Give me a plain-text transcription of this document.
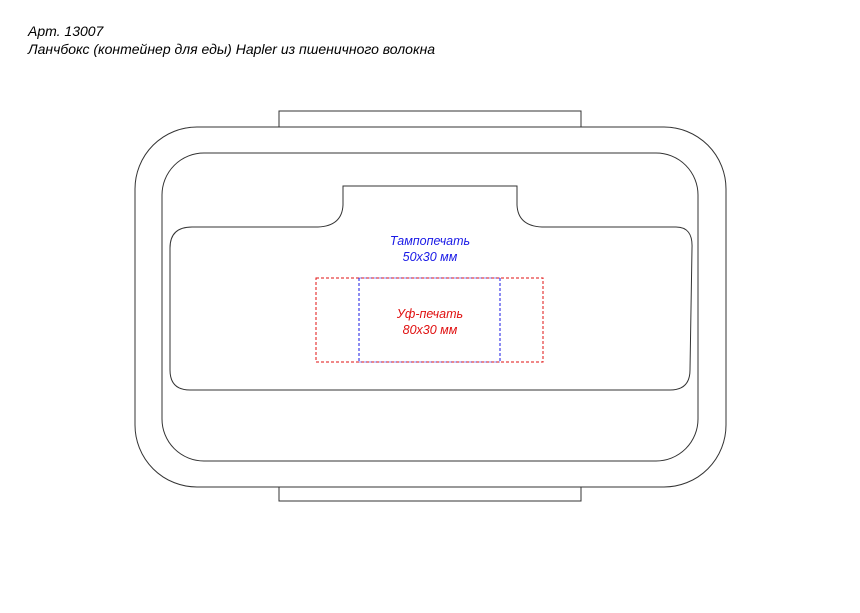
Арт. 13007
Ланчбокс (контейнер для еды) Hapler из пшеничного волокна
Тампопечать
50x30 мм
Уф-печать
80x30 мм
